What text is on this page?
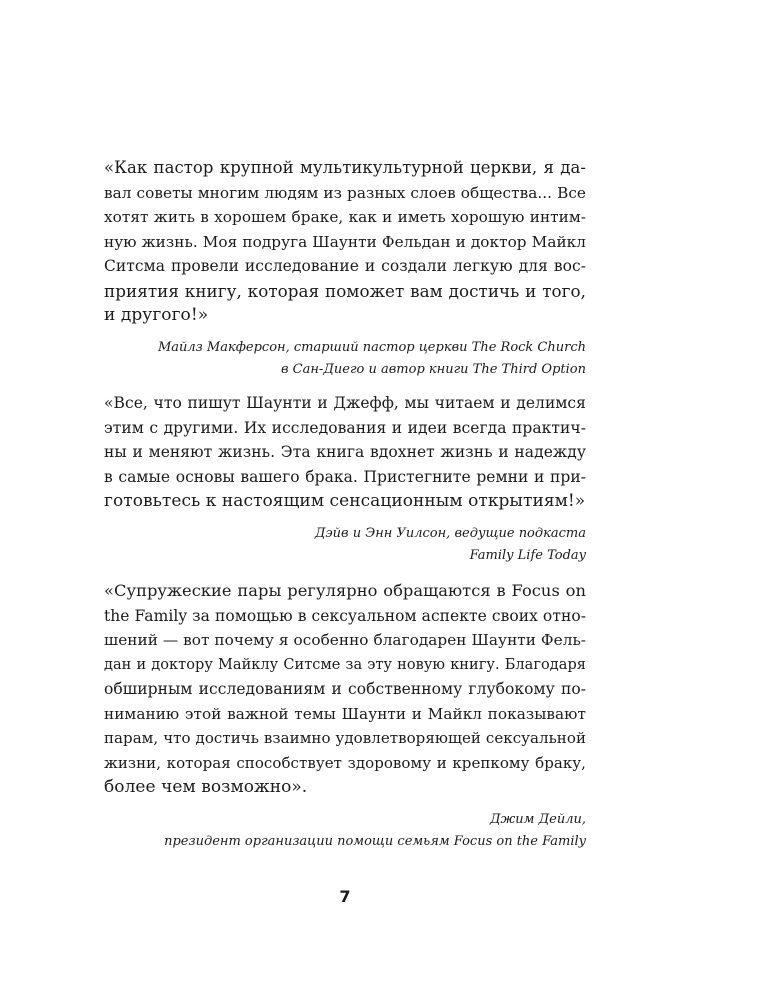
«Как пастор крупной мультикультурной церкви, я да-
вал советы многим людям из разных слоев общества... Все
хотят жить в хорошем браке, как и иметь хорошую интим-
ную жизнь. Моя подруга Шаунти Фельдан и доктор Майкл
Ситсма провели исследование и создали легкую для вос-
приятия книгу, которая поможет вам достичь и того,
и другого!»

Майлз Макферсон, старший пастор церкви The Rock Church
в Сан-Диего и автор книги The Third Option

«Все, что пишут Шаунти и Джефф, мы читаем и делимся
этим с другими. Их исследования и идеи всегда практич-
ны и меняют жизнь. Эта книга вдохнет жизнь и надежду
в самые основы вашего брака. Пристегните ремни и при-
готовьтесь к настоящим сенсационным открытиям!»

Дэйв и Энн Уилсон, ведущие подкаста
Family Life Today

«Супружеские пары регулярно обращаются в Focus on
the Family за помощью в сексуальном аспекте своих отно-
шений — вот почему я особенно благодарен Шаунти Фель-
дан и доктору Майклу Ситсме за эту новую книгу. Благодаря
обширным исследованиям и собственному глубокому по-
ниманию этой важной темы Шаунти и Майкл показывают
парам, что достичь взаимно удовлетворяющей сексуальной
жизни, которая способствует здоровому и крепкому браку,
более чем возможно».

Джим Дейли,
президент организации помощи семьям Focus on the Family

7
